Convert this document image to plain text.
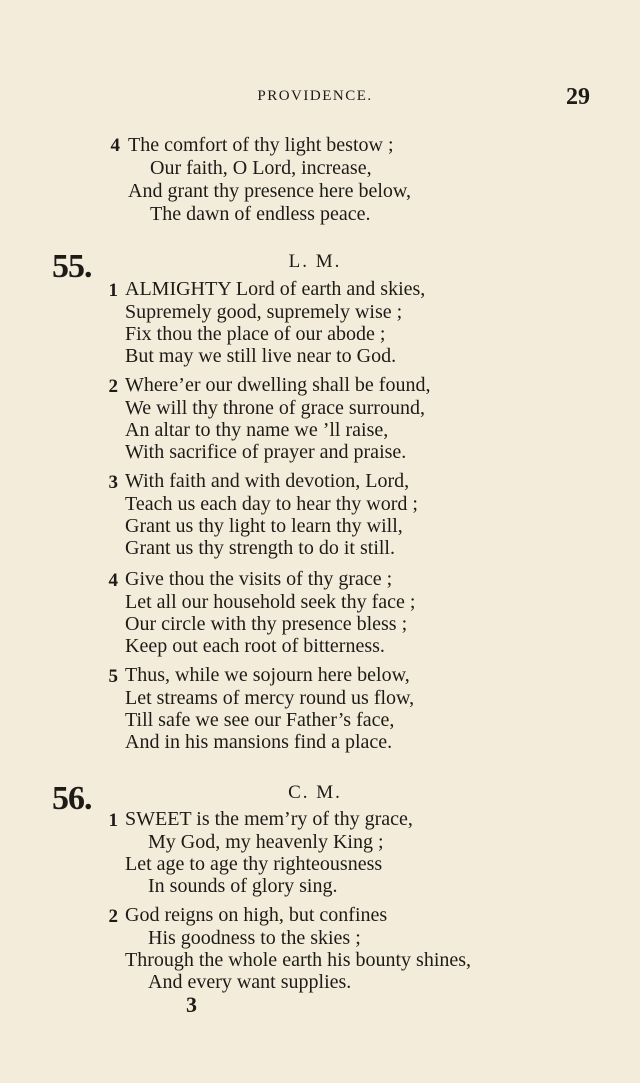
PROVIDENCE.	29
4 The comfort of thy light bestow ;
Our faith, O Lord, increase,
And grant thy presence here below,
The dawn of endless peace.
55.	L. M.
1 ALMIGHTY Lord of earth and skies,
Supremely good, supremely wise ;
Fix thou the place of our abode ;
But may we still live near to God.
2 Where’er our dwelling shall be found,
We will thy throne of grace surround,
An altar to thy name we ’ll raise,
With sacrifice of prayer and praise.
3 With faith and with devotion, Lord,
Teach us each day to hear thy word ;
Grant us thy light to learn thy will,
Grant us thy strength to do it still.
4 Give thou the visits of thy grace ;
Let all our household seek thy face ;
Our circle with thy presence bless ;
Keep out each root of bitterness.
5 Thus, while we sojourn here below,
Let streams of mercy round us flow,
Till safe we see our Father’s face,
And in his mansions find a place.
56.	C. M.
1 SWEET is the mem’ry of thy grace,
My God, my heavenly King ;
Let age to age thy righteousness
In sounds of glory sing.
2 God reigns on high, but confines
His goodness to the skies ;
Through the whole earth his bounty shines,
And every want supplies.
3
